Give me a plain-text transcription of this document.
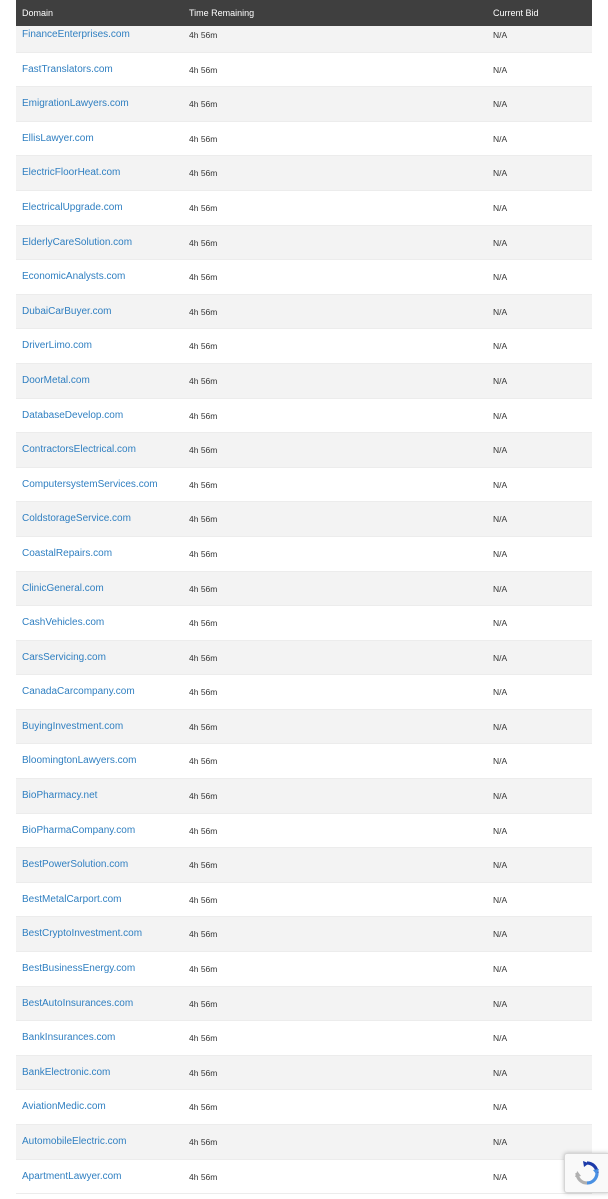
FinanceEnterprises.com	4h 56m	N/A
FastTranslators.com	4h 56m	N/A
EmigrationLawyers.com	4h 56m	N/A
EllisLawyer.com	4h 56m	N/A
ElectricFloorHeat.com	4h 56m	N/A
ElectricalUpgrade.com	4h 56m	N/A
ElderlyCareSolution.com	4h 56m	N/A
EconomicAnalysts.com	4h 56m	N/A
DubaiCarBuyer.com	4h 56m	N/A
DriverLimo.com	4h 56m	N/A
DoorMetal.com	4h 56m	N/A
DatabaseDevelop.com	4h 56m	N/A
ContractorsElectrical.com	4h 56m	N/A
ComputersystemServices.com	4h 56m	N/A
ColdstorageService.com	4h 56m	N/A
CoastalRepairs.com	4h 56m	N/A
ClinicGeneral.com	4h 56m	N/A
CashVehicles.com	4h 56m	N/A
CarsServicing.com	4h 56m	N/A
CanadaCarcompany.com	4h 56m	N/A
BuyingInvestment.com	4h 56m	N/A
BloomingtonLawyers.com	4h 56m	N/A
BioPharmacy.net	4h 56m	N/A
BioPharmaCompany.com	4h 56m	N/A
BestPowerSolution.com	4h 56m	N/A
BestMetalCarport.com	4h 56m	N/A
BestCryptoInvestment.com	4h 56m	N/A
BestBusinessEnergy.com	4h 56m	N/A
BestAutoInsurances.com	4h 56m	N/A
BankInsurances.com	4h 56m	N/A
BankElectronic.com	4h 56m	N/A
AviationMedic.com	4h 56m	N/A
AutomobileElectric.com	4h 56m	N/A
ApartmentLawyer.com	4h 56m	N/A
Domain	Time Remaining	Current Bid
